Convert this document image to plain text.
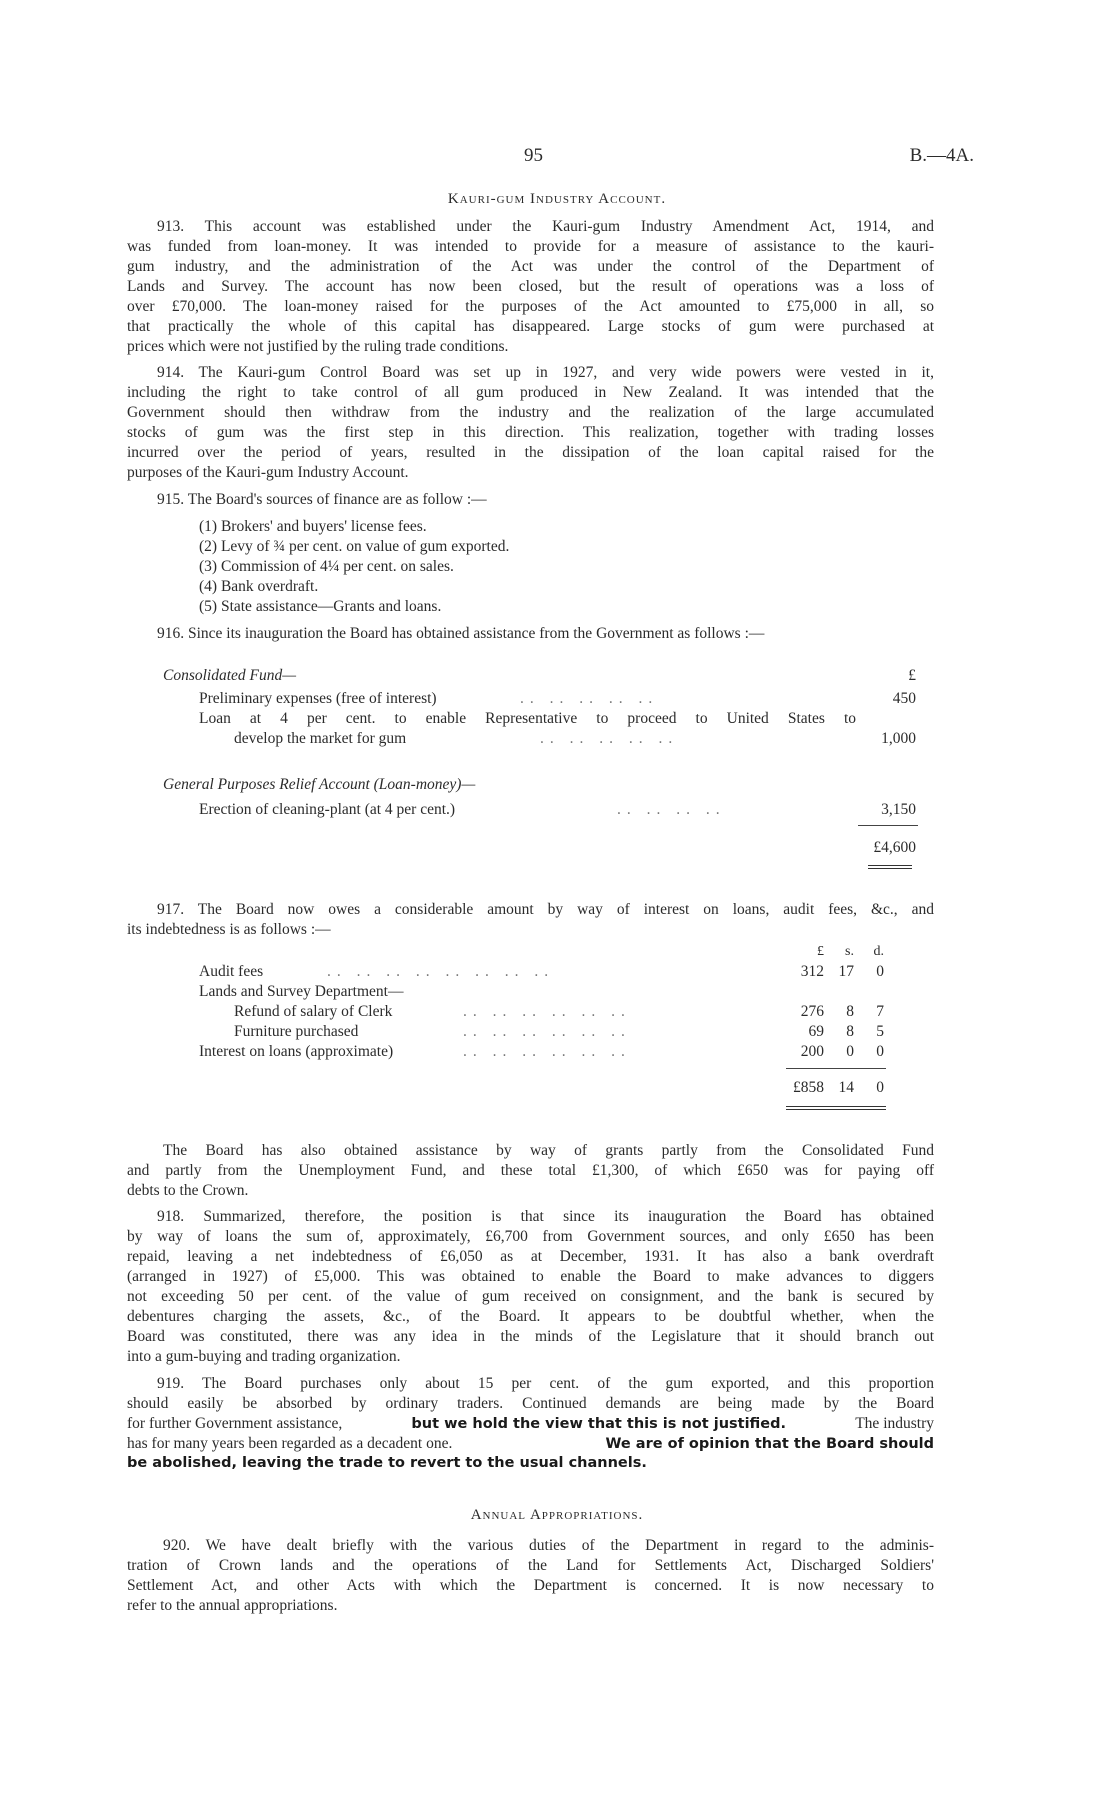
95	B.—4A.
Kauri-gum Industry Account.
913. This account was established under the Kauri-gum Industry Amendment Act, 1914, and
was funded from loan-money. It was intended to provide for a measure of assistance to the kauri-
gum industry, and the administration of the Act was under the control of the Department of
Lands and Survey. The account has now been closed, but the result of operations was a loss of
over £70,000. The loan-money raised for the purposes of the Act amounted to £75,000 in all, so
that practically the whole of this capital has disappeared. Large stocks of gum were purchased at
prices which were not justified by the ruling trade conditions.
914. The Kauri-gum Control Board was set up in 1927, and very wide powers were vested in it,
including the right to take control of all gum produced in New Zealand. It was intended that the
Government should then withdraw from the industry and the realization of the large accumulated
stocks of gum was the first step in this direction. This realization, together with trading losses
incurred over the period of years, resulted in the dissipation of the loan capital raised for the
purposes of the Kauri-gum Industry Account.
915. The Board's sources of finance are as follow :—
(1) Brokers' and buyers' license fees.
(2) Levy of ¾ per cent. on value of gum exported.
(3) Commission of 4¼ per cent. on sales.
(4) Bank overdraft.
(5) State assistance—Grants and loans.
916. Since its inauguration the Board has obtained assistance from the Government as follows :—
Consolidated Fund—	£
Preliminary expenses (free of interest)	.. .. .. .. ..	450
Loan at 4 per cent. to enable Representative to proceed to United States to
develop the market for gum	.. .. .. .. ..	1,000
General Purposes Relief Account (Loan-money)—
Erection of cleaning-plant (at 4 per cent.)	.. .. .. ..	3,150
£4,600
917. The Board now owes a considerable amount by way of interest on loans, audit fees, &c., and
its indebtedness is as follows :—
£	s.	d.
Audit fees	.. .. .. .. .. .. .. ..	312 17	0
Lands and Survey Department—
Refund of salary of Clerk	.. .. .. .. .. ..	276	8	7
Furniture purchased	.. .. .. .. .. ..	69	8	5
Interest on loans (approximate)	.. .. .. .. .. ..	200	0	0
£858 14	0
The Board has also obtained assistance by way of grants partly from the Consolidated Fund
and partly from the Unemployment Fund, and these total £1,300, of which £650 was for paying off
debts to the Crown.
918. Summarized, therefore, the position is that since its inauguration the Board has obtained
by way of loans the sum of, approximately, £6,700 from Government sources, and only £650 has been
repaid, leaving a net indebtedness of £6,050 as at December, 1931. It has also a bank overdraft
(arranged in 1927) of £5,000. This was obtained to enable the Board to make advances to diggers
not exceeding 50 per cent. of the value of gum received on consignment, and the bank is secured by
debentures charging the assets, &c., of the Board. It appears to be doubtful whether, when the
Board was constituted, there was any idea in the minds of the Legislature that it should branch out
into a gum-buying and trading organization.
919. The Board purchases only about 15 per cent. of the gum exported, and this proportion
should easily be absorbed by ordinary traders. Continued demands are being made by the Board
for further Government assistance,	but we hold the view that this is not justified.	The industry
has for many years been regarded as a decadent one.	We are of opinion that the Board should
be abolished, leaving the trade to revert to the usual channels.
Annual Appropriations.
920. We have dealt briefly with the various duties of the Department in regard to the adminis-
tration of Crown lands and the operations of the Land for Settlements Act, Discharged Soldiers'
Settlement Act, and other Acts with which the Department is concerned. It is now necessary to
refer to the annual appropriations.
